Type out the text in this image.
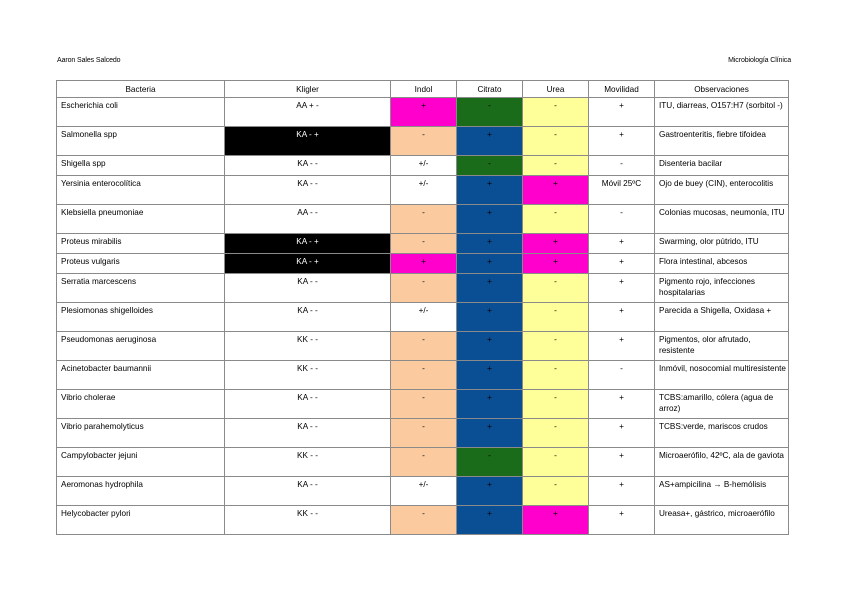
Aaron Sales Salcedo	Microbiología Clínica
Bacteria	Kligler	Indol	Citrato	Urea	Movilidad	Observaciones
Escherichia coli	AA + -	+	-	-	+	ITU, diarreas, O157:H7 (sorbitol -)
Salmonella spp	KA - +	-	+	-	+	Gastroenteritis, fiebre tifoidea
Shigella spp	KA - -	+/-	-	-	-	Disenteria bacilar
Yersinia enterocolítica	KA - -	+/-	+	+	Móvil 25ºC	Ojo de buey (CIN), enterocolitis
Klebsiella pneumoniae	AA - -	-	+	-	-	Colonias mucosas, neumonía, ITU
Proteus mirabilis	KA - +	-	+	+	+	Swarming, olor pútrido, ITU
Proteus vulgaris	KA - +	+	+	+	+	Flora intestinal, abcesos
Serratia marcescens	KA - -	-	+	-	+	Pigmento rojo, infecciones hospitalarias
Plesiomonas shigelloides	KA - -	+/-	+	-	+	Parecida a Shigella, Oxidasa +
Pseudomonas aeruginosa	KK - -	-	+	-	+	Pigmentos, olor afrutado, resistente
Acinetobacter baumannii	KK - -	-	+	-	-	Inmóvil, nosocomial multiresistente
Vibrio cholerae	KA - -	-	+	-	+	TCBS:amarillo, cólera (agua de arroz)
Vibrio parahemolyticus	KA - -	-	+	-	+	TCBS:verde, mariscos crudos
Campylobacter jejuni	KK - -	-	-	-	+	Microaerófilo, 42ºC, ala de gaviota
Aeromonas hydrophila	KA - -	+/-	+	-	+	AS+ampicilina → B-hemólisis
Helycobacter pylori	KK - -	-	+	+	+	Ureasa+, gástrico, microaerófilo
